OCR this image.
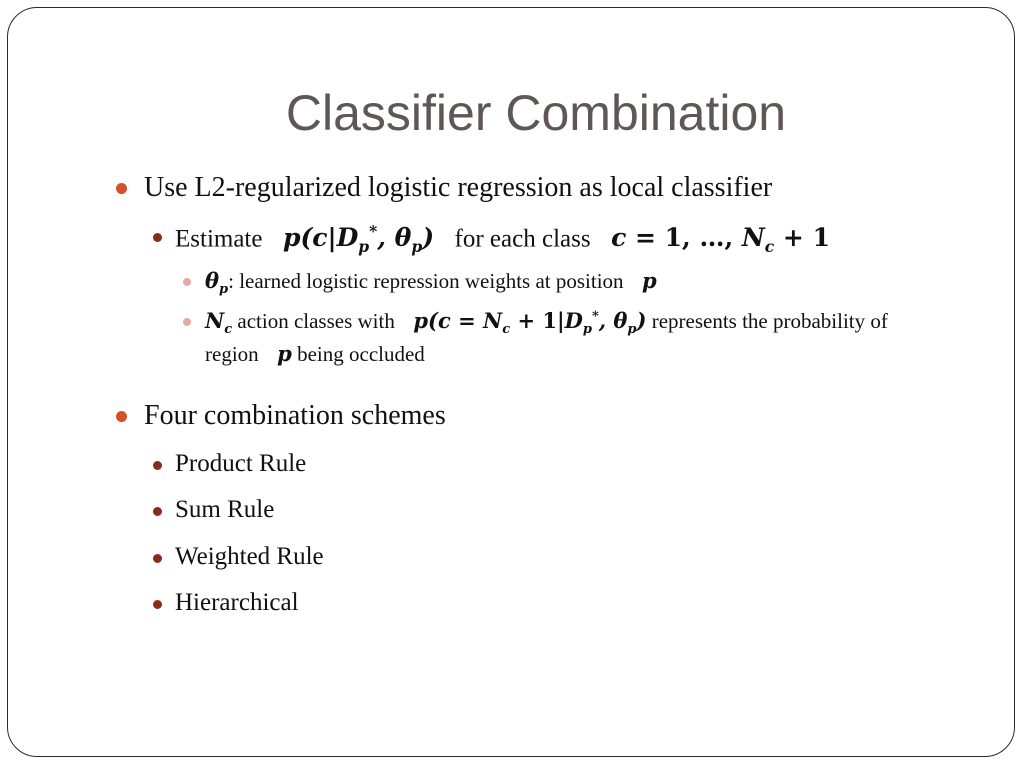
Classifier Combination
Use L2-regularized logistic regression as local classifier
Estimate $p(c|D_p^*$, $\theta_p$) for each class c = 1, …, $N_c + 1$
$\theta_p$: learned logistic repression weights at position p
$N_c$ action classes with $p(c = N_c + 1|D_p^*$, $\theta_p$) represents the probability of
region p being occluded
Four combination schemes
Product Rule
Sum Rule
Weighted Rule
Hierarchical
